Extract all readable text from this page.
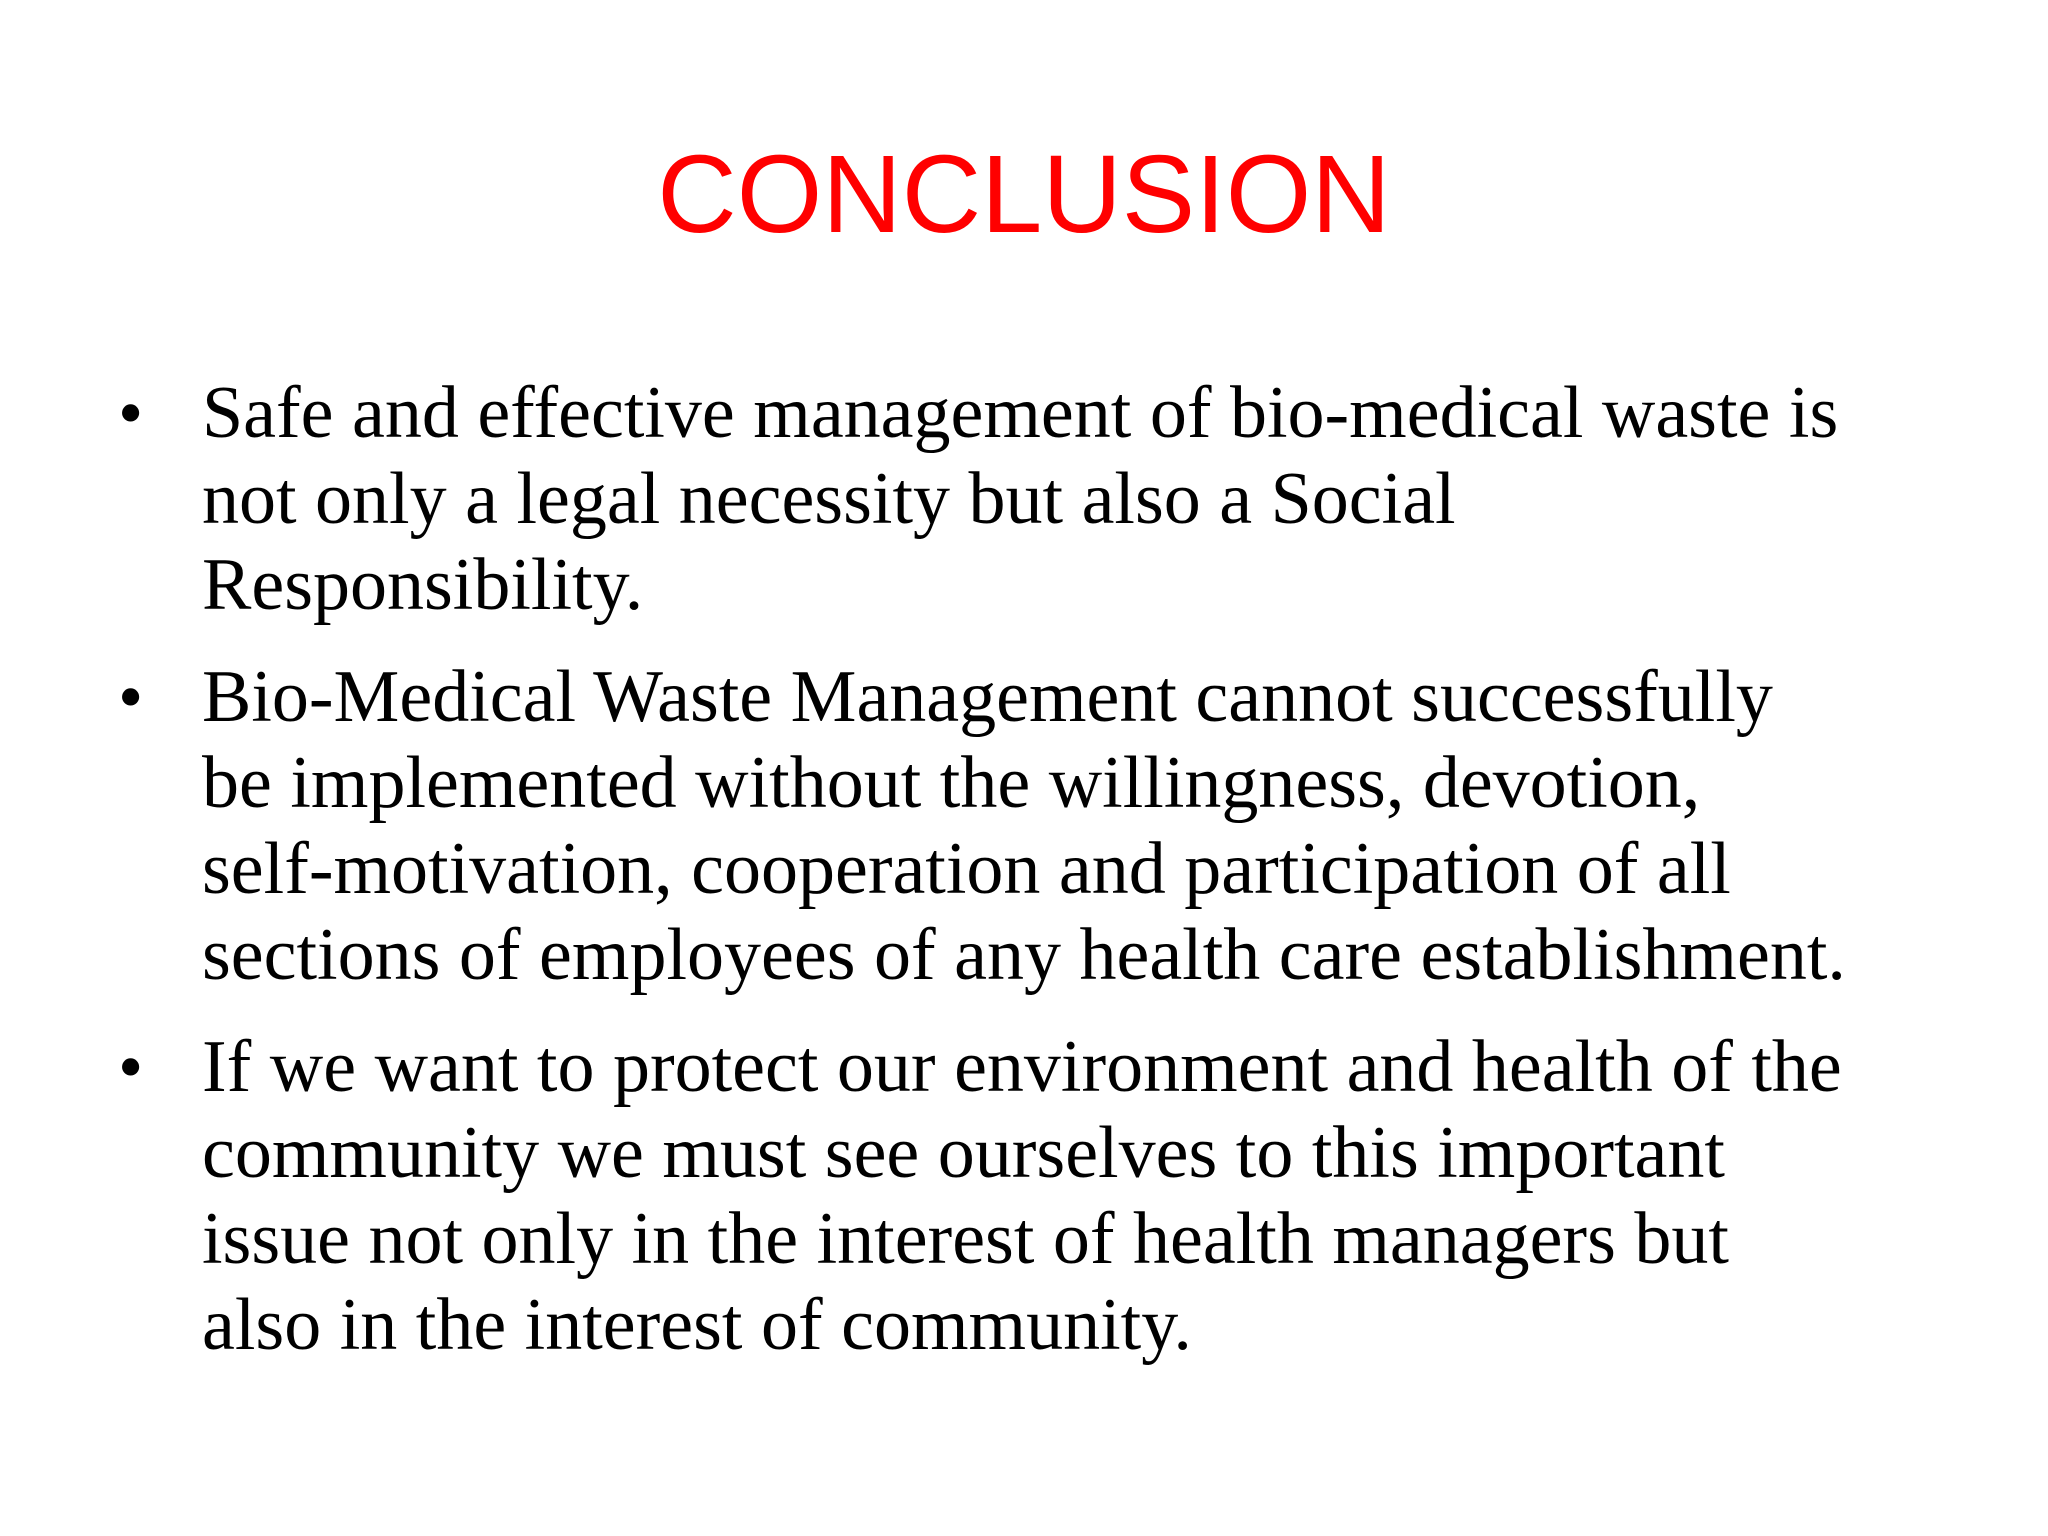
CONCLUSION
• Safe and effective management of bio-medical waste is
not only a legal necessity but also a Social
Responsibility.
• Bio-Medical Waste Management cannot successfully
be implemented without the willingness, devotion,
self-motivation, cooperation and participation of all
sections of employees of any health care establishment.
• If we want to protect our environment and health of the
community we must see ourselves to this important
issue not only in the interest of health managers but
also in the interest of community.
